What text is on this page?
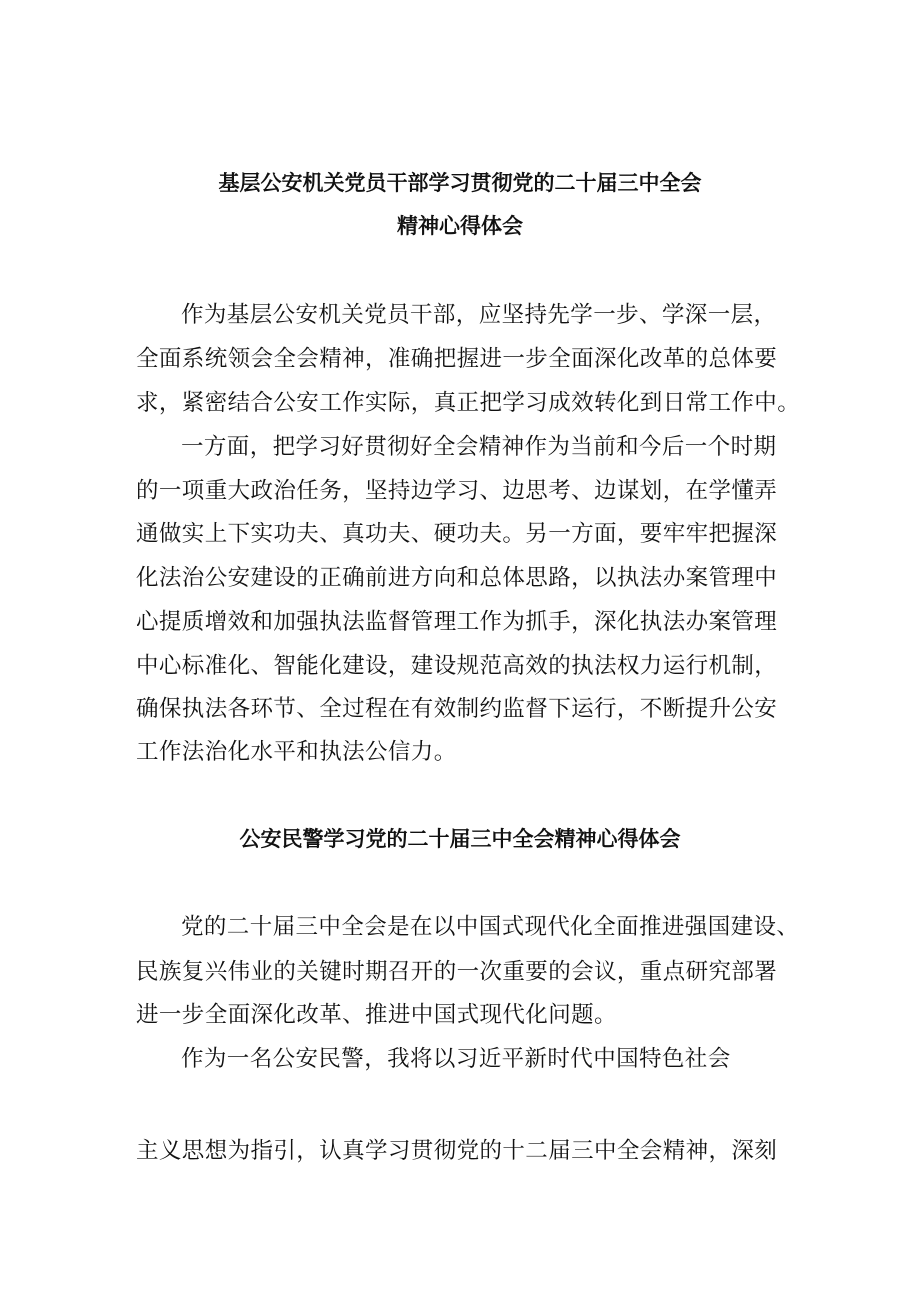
基层公安机关党员干部学习贯彻党的二十届三中全会
精神心得体会
作为基层公安机关党员干部，应坚持先学一步、学深一层，
全面系统领会全会精神，准确把握进一步全面深化改革的总体要
求，紧密结合公安工作实际，真正把学习成效转化到日常工作中。
一方面，把学习好贯彻好全会精神作为当前和今后一个时期
的一项重大政治任务，坚持边学习、边思考、边谋划，在学懂弄
通做实上下实功夫、真功夫、硬功夫。另一方面，要牢牢把握深
化法治公安建设的正确前进方向和总体思路，以执法办案管理中
心提质增效和加强执法监督管理工作为抓手，深化执法办案管理
中心标准化、智能化建设，建设规范高效的执法权力运行机制，
确保执法各环节、全过程在有效制约监督下运行，不断提升公安
工作法治化水平和执法公信力。
公安民警学习党的二十届三中全会精神心得体会
党的二十届三中全会是在以中国式现代化全面推进强国建设、
民族复兴伟业的关键时期召开的一次重要的会议，重点研究部署
进一步全面深化改革、推进中国式现代化问题。
作为一名公安民警，我将以习近平新时代中国特色社会
主义思想为指引，认真学习贯彻党的十二届三中全会精神，深刻
